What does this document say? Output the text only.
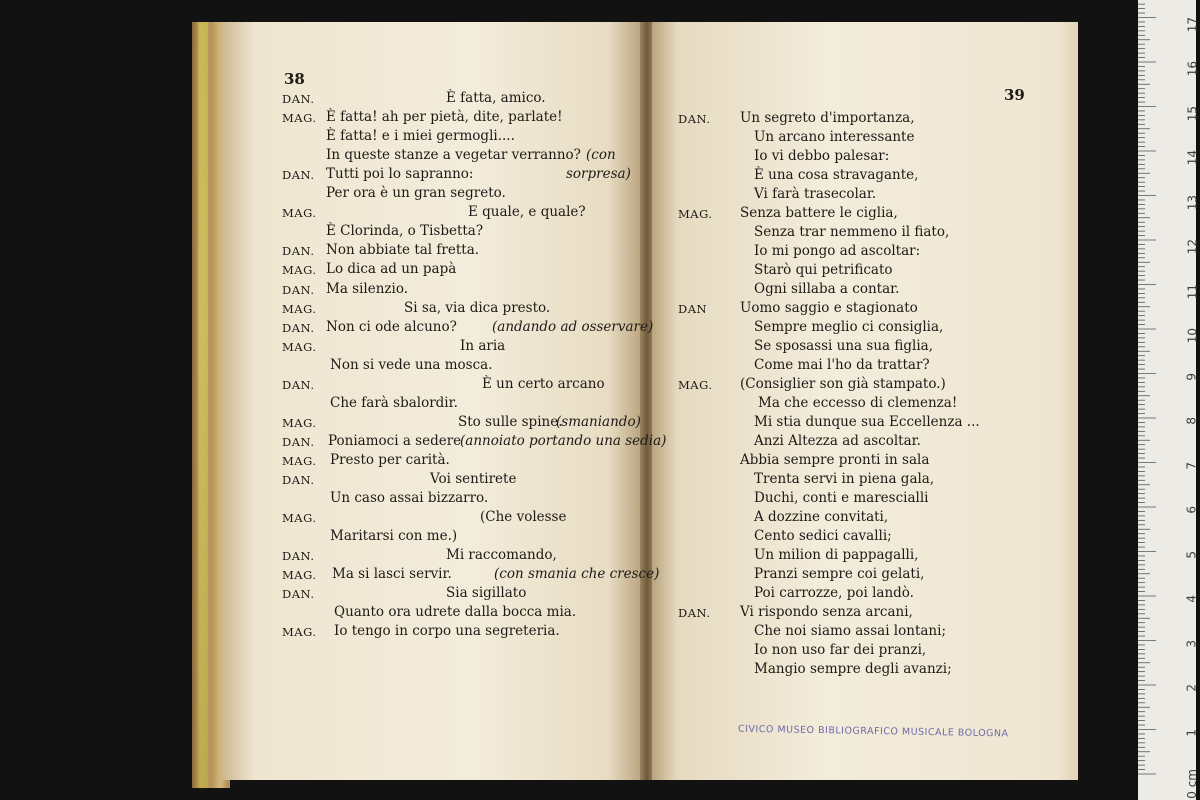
DAN.	È fatta, amico.
MAG. È fatta! ah per pietà, dite, parlate!
È fatta! e i miei germogli....
In queste stanze a vegetar verranno? (con
DAN. Tutti poi lo sapranno:	sorpresa)
Per ora è un gran segreto.
MAG.	E quale, e quale?
È Clorinda, o Tisbetta?
DAN. Non abbiate tal fretta.
MAG. Lo dica ad un papà
DAN. Ma silenzio.
MAG.	Si sa, via dica presto.
DAN. Non ci ode alcuno?	(andando ad osservare)
MAG.	In aria
Non si vede una mosca.
DAN.	È un certo arcano
Che farà sbalordir.
MAG.	Sto sulle spine.
(smaniando)
DAN. Poniamoci a sedere
(annoiato portando una sedia)
MAG. Presto per carità.
DAN.	Voi sentirete
Un caso assai bizzarro.
MAG.	(Che volesse
Maritarsi con me.)
DAN.	Mi raccomando,
MAG. Ma si lasci servir.	(con smania che cresce)
DAN.	Sia sigillato
Quanto ora udrete dalla bocca mia.
MAG. Io tengo in corpo una segreteria.
DAN. Un segreto d'importanza,
Un arcano interessante
Io vi debbo palesar:
È una cosa stravagante,
Vi farà trasecolar.
MAG. Senza battere le ciglia,
Senza trar nemmeno il fiato,
Io mi pongo ad ascoltar:
Starò qui petrificato
Ogni sillaba a contar.
DAN Uomo saggio e stagionato
Sempre meglio ci consiglia,
Se sposassi una sua figlia,
Come mai l'ho da trattar?
MAG. (Consiglier son già stampato.)
Ma che eccesso di clemenza!
Mi stia dunque sua Eccellenza ...
Anzi Altezza ad ascoltar.
Abbia sempre pronti in sala
Trenta servi in piena gala,
Duchi, conti e marescialli
A dozzine convitati,
Cento sedici cavalli;
Un milion di pappagalli,
Pranzi sempre coi gelati,
Poi carrozze, poi landò.
DAN. Vi rispondo senza arcani,
Che noi siamo assai lontani;
Io non uso far dei pranzi,
Mangio sempre degli avanzi;
38
39
CIVICO MUSEO BIBLIOGRAFICO MUSICALE BOLOGNA
0 cm
1
2
3
4
5
6
7
8
9
10
11
12
13
14
15
16
17
